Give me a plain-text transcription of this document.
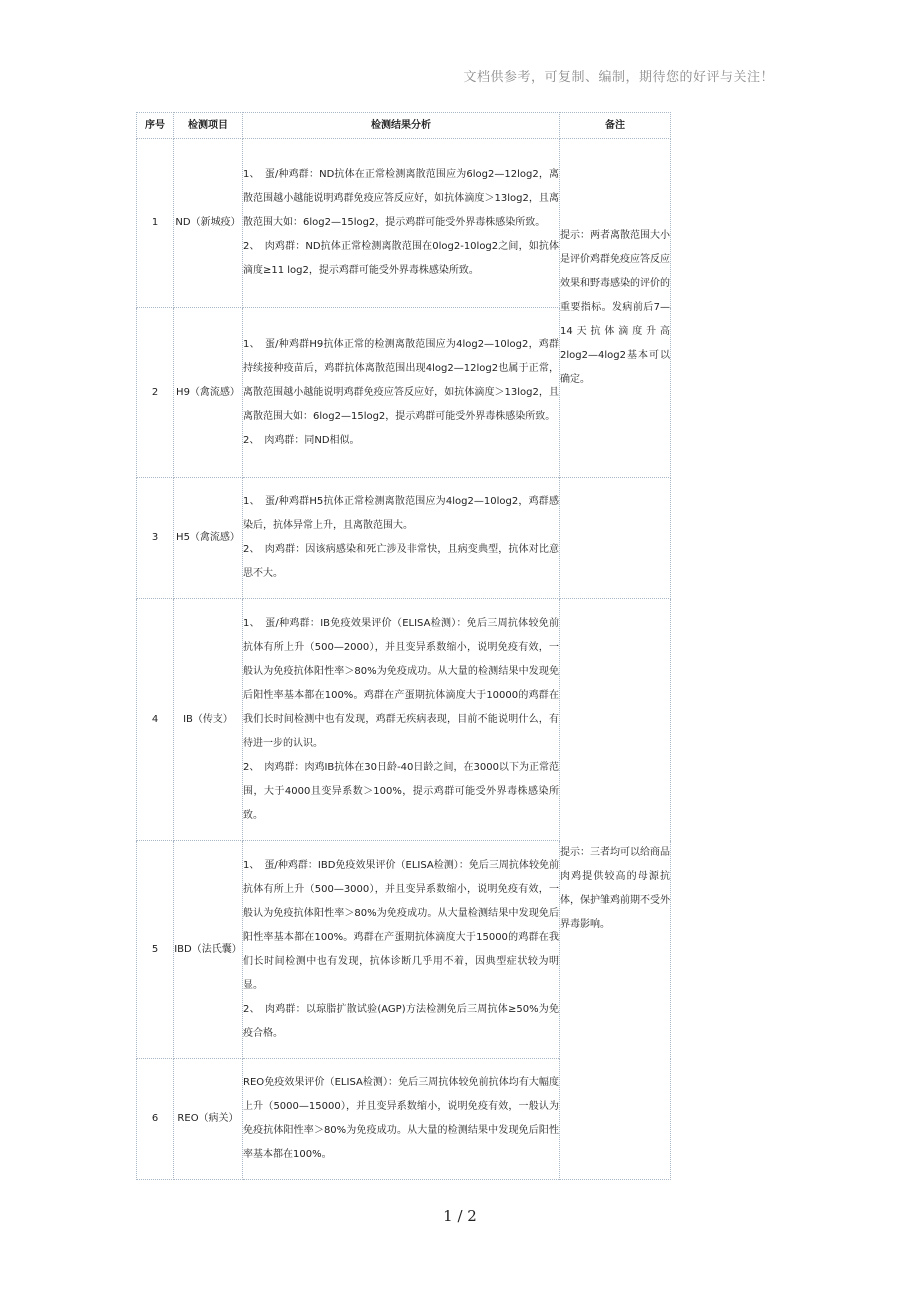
文档供参考，可复制、编制，期待您的好评与关注！
序号	检测项目	检测结果分析	备注
1	ND（新城疫）	1、　蛋/种鸡群：ND抗体在正常检测离散范围应为6log2—12log2，离散范围越小越能说明鸡群免疫应答反应好，如抗体滴度＞13log2，且离散范围大如：6log2—15log2，提示鸡群可能受外界毒株感染所致。
2、　肉鸡群：ND抗体正常检测离散范围在0log2-10log2之间，如抗体滴度≥11 log2，提示鸡群可能受外界毒株感染所致。	提示：两者离散范围大小是评价鸡群免疫应答反应效果和野毒感染的评价的重要指标。发病前后7—14天抗体滴度升高2log2—4log2基本可以确定。
2	H9（禽流感）	1、　蛋/种鸡群H9抗体正常的检测离散范围应为4log2—10log2，鸡群持续接种疫苗后，鸡群抗体离散范围出现4log2—12log2也属于正常，离散范围越小越能说明鸡群免疫应答反应好，如抗体滴度＞13log2，且离散范围大如：6log2—15log2，提示鸡群可能受外界毒株感染所致。
2、　肉鸡群：同ND相似。	

3	H5（禽流感）	1、　蛋/种鸡群H5抗体正常检测离散范围应为4log2—10log2，鸡群感染后，抗体异常上升，且离散范围大。
2、　肉鸡群：因该病感染和死亡涉及非常快，且病变典型，抗体对比意思不大。	

4	IB（传支）	1、　蛋/种鸡群：IB免疫效果评价（ELISA检测）：免后三周抗体较免前抗体有所上升（500—2000），并且变异系数缩小，说明免疫有效，一般认为免疫抗体阳性率＞80%为免疫成功。从大量的检测结果中发现免后阳性率基本都在100%。鸡群在产蛋期抗体滴度大于10000的鸡群在我们长时间检测中也有发现，鸡群无疾病表现，目前不能说明什么，有待进一步的认识。
2、　肉鸡群：肉鸡IB抗体在30日龄-40日龄之间，在3000以下为正常范围，大于4000且变异系数＞100%，提示鸡群可能受外界毒株感染所致。	提示：三者均可以给商品肉鸡提供较高的母源抗体，保护雏鸡前期不受外界毒影响。
5	IBD（法氏囊）	1、　蛋/种鸡群：IBD免疫效果评价（ELISA检测）：免后三周抗体较免前抗体有所上升（500—3000），并且变异系数缩小，说明免疫有效，一般认为免疫抗体阳性率＞80%为免疫成功。从大量检测结果中发现免后阳性率基本都在100%。鸡群在产蛋期抗体滴度大于15000的鸡群在我们长时间检测中也有发现，抗体诊断几乎用不着，因典型症状较为明显。
2、　肉鸡群：以琼脂扩散试验(AGP)方法检测免后三周抗体≥50%为免疫合格。	

6	REO（病关）	REO免疫效果评价（ELISA检测）：免后三周抗体较免前抗体均有大幅度上升（5000—15000），并且变异系数缩小，说明免疫有效，一般认为免疫抗体阳性率＞80%为免疫成功。从大量的检测结果中发现免后阳性率基本都在100%。	
1 / 2
